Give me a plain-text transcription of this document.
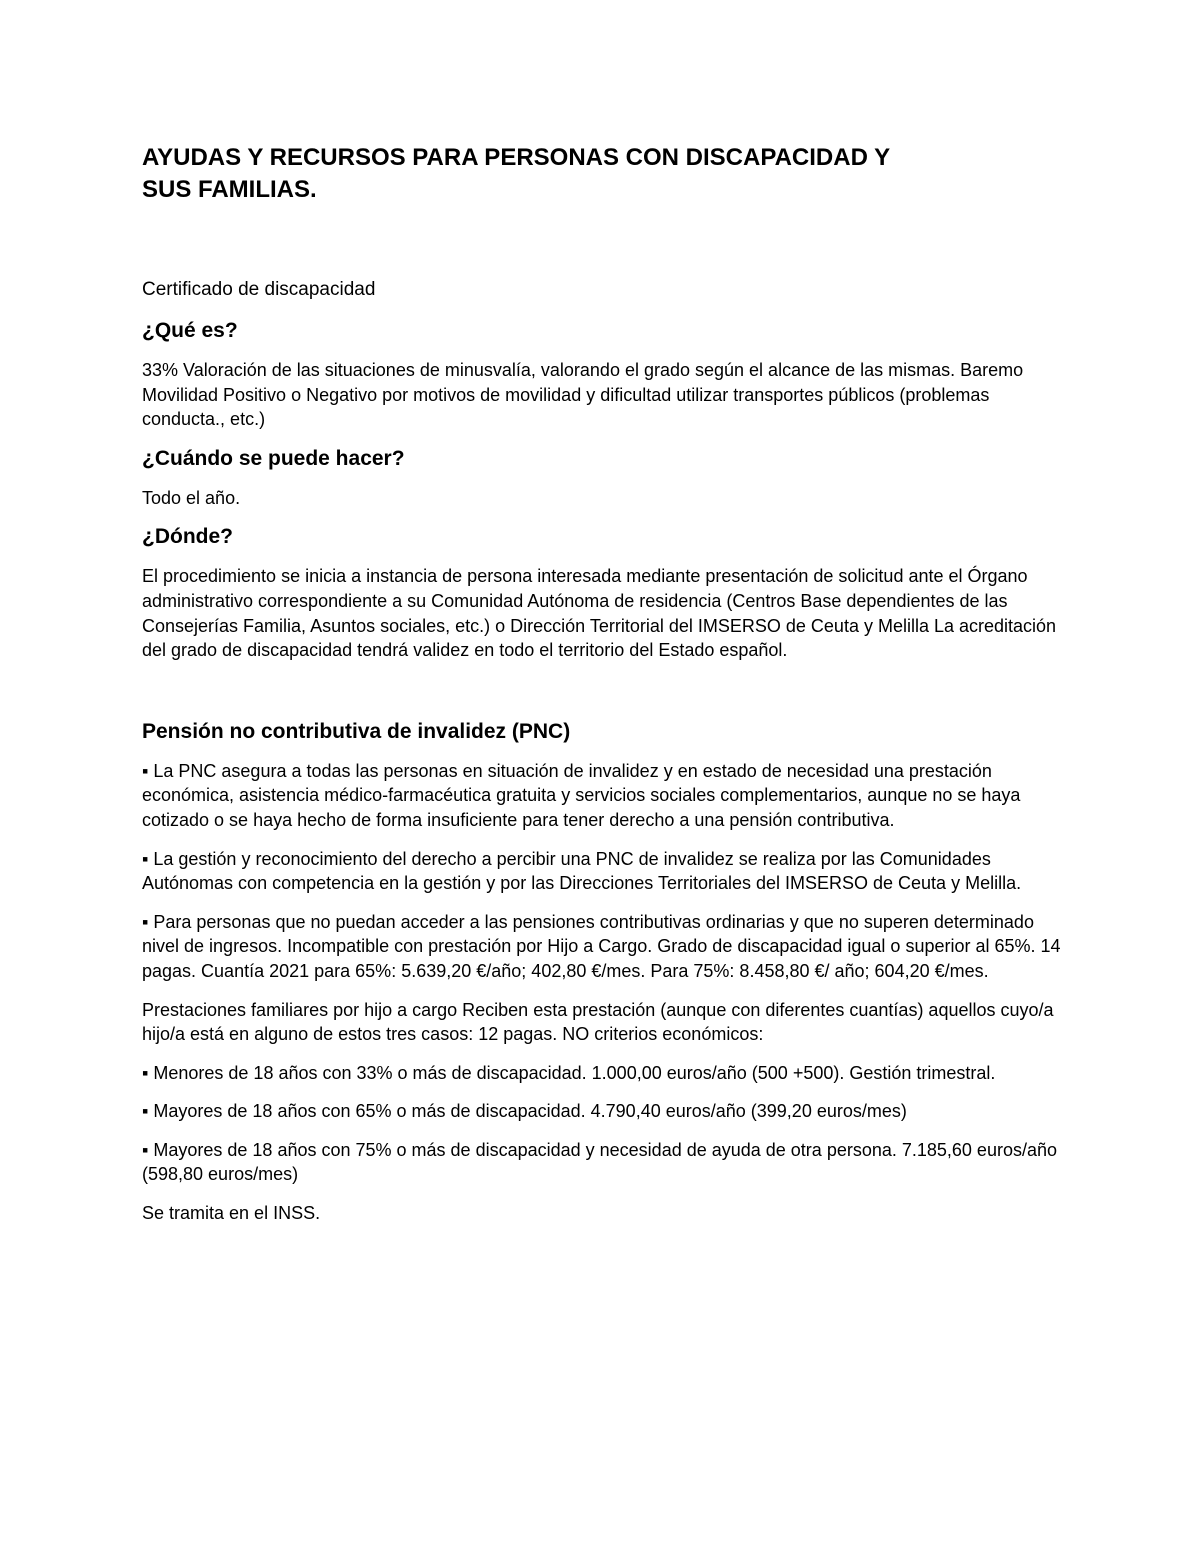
AYUDAS Y RECURSOS PARA PERSONAS CON DISCAPACIDAD Y
SUS FAMILIAS.

Certificado de discapacidad

¿Qué es?

33% Valoración de las situaciones de minusvalía, valorando el grado según el alcance de las mismas. Baremo Movilidad Positivo o Negativo por motivos de movilidad y dificultad utilizar transportes públicos (problemas conducta., etc.)

¿Cuándo se puede hacer?

Todo el año.

¿Dónde?

El procedimiento se inicia a instancia de persona interesada mediante presentación de solicitud ante el Órgano administrativo correspondiente a su Comunidad Autónoma de residencia (Centros Base dependientes de las Consejerías Familia, Asuntos sociales, etc.) o Dirección Territorial del IMSERSO de Ceuta y Melilla La acreditación del grado de discapacidad tendrá validez en todo el territorio del Estado español.

Pensión no contributiva de invalidez (PNC)

▪ La PNC asegura a todas las personas en situación de invalidez y en estado de necesidad una prestación económica, asistencia médico-farmacéutica gratuita y servicios sociales complementarios, aunque no se haya cotizado o se haya hecho de forma insuficiente para tener derecho a una pensión contributiva.

▪ La gestión y reconocimiento del derecho a percibir una PNC de invalidez se realiza por las Comunidades Autónomas con competencia en la gestión y por las Direcciones Territoriales del IMSERSO de Ceuta y Melilla.

▪ Para personas que no puedan acceder a las pensiones contributivas ordinarias y que no superen determinado nivel de ingresos. Incompatible con prestación por Hijo a Cargo. Grado de discapacidad igual o superior al 65%. 14 pagas. Cuantía 2021 para 65%: 5.639,20 €/año; 402,80 €/mes. Para 75%: 8.458,80 €/ año; 604,20 €/mes.

Prestaciones familiares por hijo a cargo Reciben esta prestación (aunque con diferentes cuantías) aquellos cuyo/a hijo/a está en alguno de estos tres casos: 12 pagas. NO criterios económicos:

▪ Menores de 18 años con 33% o más de discapacidad. 1.000,00 euros/año (500 +500). Gestión trimestral.

▪ Mayores de 18 años con 65% o más de discapacidad. 4.790,40 euros/año (399,20 euros/mes)

▪ Mayores de 18 años con 75% o más de discapacidad y necesidad de ayuda de otra persona. 7.185,60 euros/año (598,80 euros/mes)

Se tramita en el INSS.
